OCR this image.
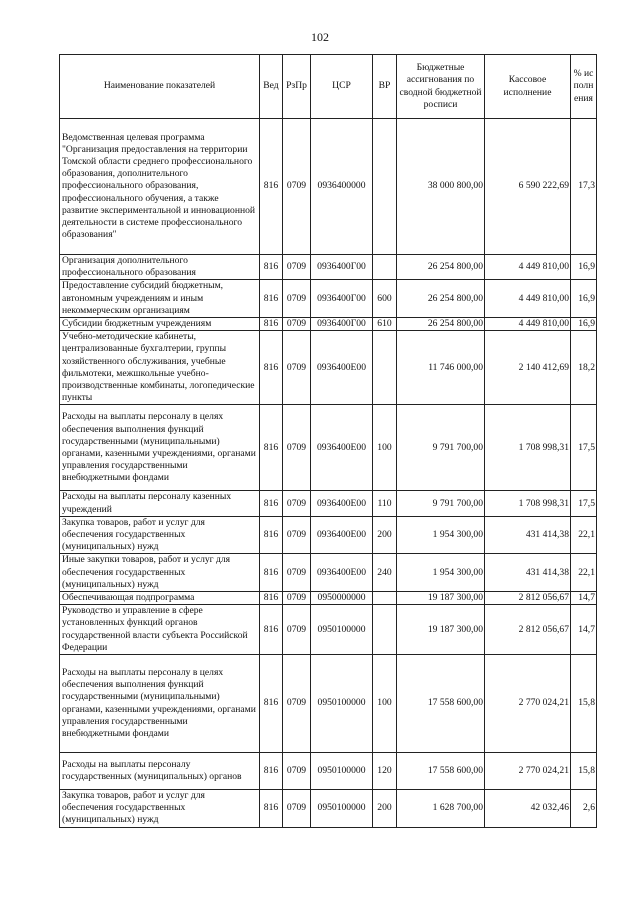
102
Наименование показателей	Вед	РзПр	ЦСР	ВР	Бюджетные ассигнования по сводной бюджетной росписи	Кассовое исполнение	% исполнения
Ведомственная целевая программа "Организация предоставления на территории Томской области среднего профессионального образования, дополнительного профессионального образования, профессионального обучения, а также развитие экспериментальной и инновационной деятельности в системе профессионального образования"	816	0709	0936400000		38 000 800,00	6 590 222,69	17,3
Организация дополнительного профессионального образования	816	0709	0936400Г00		26 254 800,00	4 449 810,00	16,9
Предоставление субсидий бюджетным, автономным учреждениям и иным некоммерческим организациям	816	0709	0936400Г00	600	26 254 800,00	4 449 810,00	16,9
Субсидии бюджетным учреждениям	816	0709	0936400Г00	610	26 254 800,00	4 449 810,00	16,9
Учебно-методические кабинеты, централизованные бухгалтерии, группы хозяйственного обслуживания, учебные фильмотеки, межшкольные учебно-производственные комбинаты, логопедические пункты	816	0709	0936400Е00		11 746 000,00	2 140 412,69	18,2
Расходы на выплаты персоналу в целях обеспечения выполнения функций государственными (муниципальными) органами, казенными учреждениями, органами управления государственными внебюджетными фондами	816	0709	0936400Е00	100	9 791 700,00	1 708 998,31	17,5
Расходы на выплаты персоналу казенных учреждений	816	0709	0936400Е00	110	9 791 700,00	1 708 998,31	17,5
Закупка товаров, работ и услуг для обеспечения государственных (муниципальных) нужд	816	0709	0936400Е00	200	1 954 300,00	431 414,38	22,1
Иные закупки товаров, работ и услуг для обеспечения государственных (муниципальных) нужд	816	0709	0936400Е00	240	1 954 300,00	431 414,38	22,1
Обеспечивающая подпрограмма	816	0709	0950000000		19 187 300,00	2 812 056,67	14,7
Руководство и управление в сфере установленных функций органов государственной власти субъекта Российской Федерации	816	0709	0950100000		19 187 300,00	2 812 056,67	14,7
Расходы на выплаты персоналу в целях обеспечения выполнения функций государственными (муниципальными) органами, казенными учреждениями, органами управления государственными внебюджетными фондами	816	0709	0950100000	100	17 558 600,00	2 770 024,21	15,8
Расходы на выплаты персоналу государственных (муниципальных) органов	816	0709	0950100000	120	17 558 600,00	2 770 024,21	15,8
Закупка товаров, работ и услуг для обеспечения государственных (муниципальных) нужд	816	0709	0950100000	200	1 628 700,00	42 032,46	2,6
